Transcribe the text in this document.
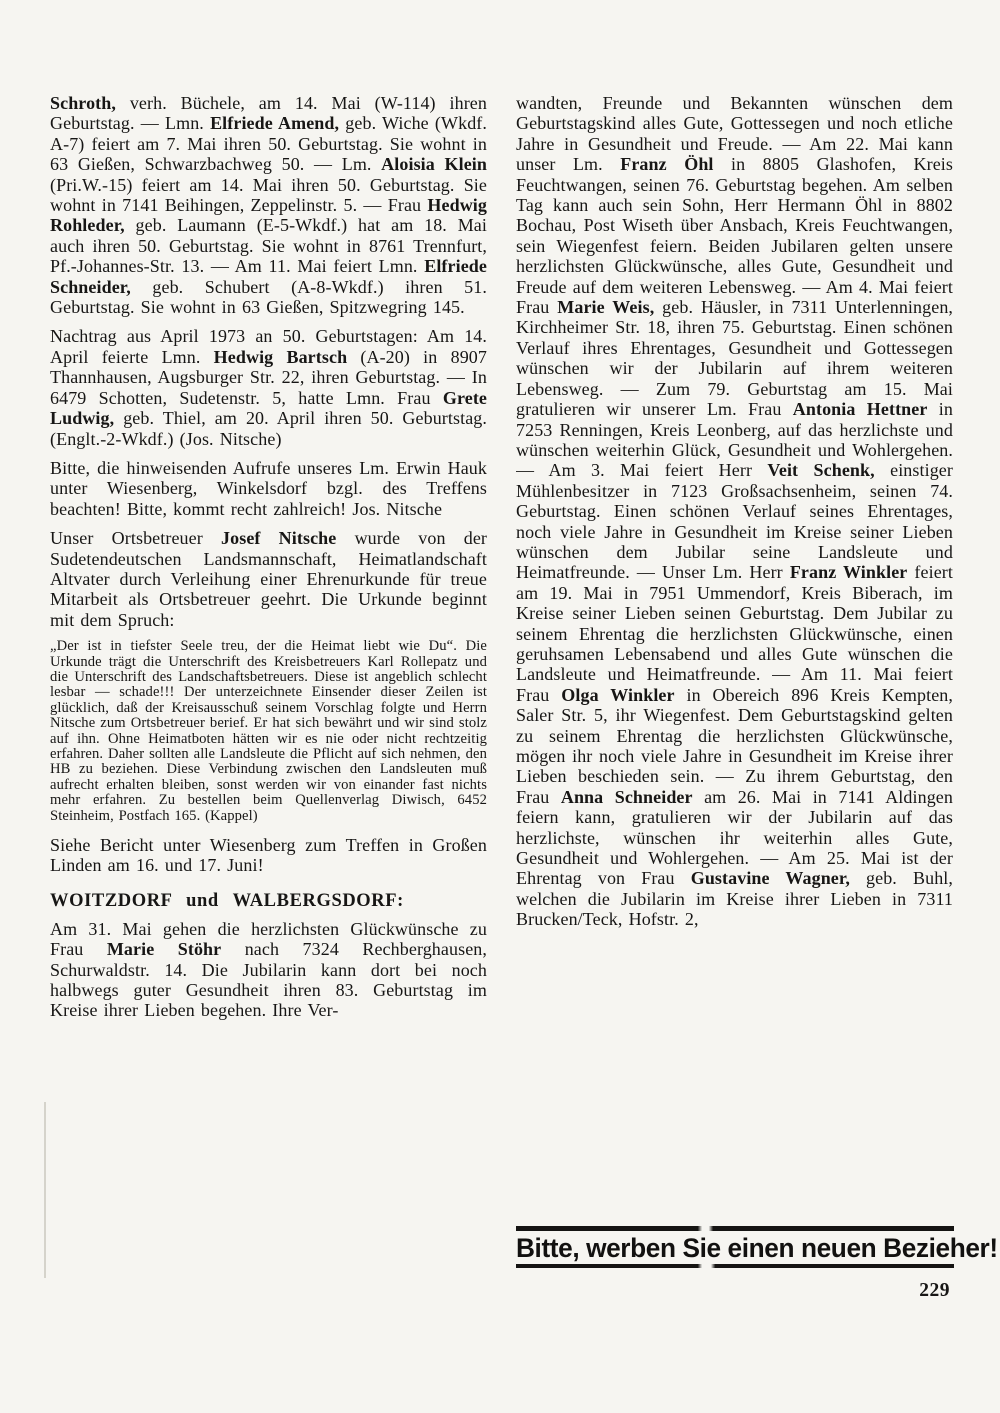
Schroth, verh. Büchele, am 14. Mai (W-114) ihren Geburtstag. — Lmn. Elfriede Amend, geb. Wiche (Wkdf. A-7) feiert am 7. Mai ihren 50. Geburtstag. Sie wohnt in 63 Gießen, Schwarzbachweg 50. — Lm. Aloisia Klein (Pri.W.-15) feiert am 14. Mai ihren 50. Geburtstag. Sie wohnt in 7141 Beihingen, Zeppelinstr. 5. — Frau Hedwig Rohleder, geb. Laumann (E-5-Wkdf.) hat am 18. Mai auch ihren 50. Geburtstag. Sie wohnt in 8761 Trennfurt, Pf.-Johannes-Str. 13. — Am 11. Mai feiert Lmn. Elfriede Schneider, geb. Schubert (A-8-Wkdf.) ihren 51. Geburtstag. Sie wohnt in 63 Gießen, Spitzwegring 145.

Nachtrag aus April 1973 an 50. Geburtstagen: Am 14. April feierte Lmn. Hedwig Bartsch (A-20) in 8907 Thannhausen, Augsburger Str. 22, ihren Geburtstag. — In 6479 Schotten, Sudetenstr. 5, hatte Lmn. Frau Grete Ludwig, geb. Thiel, am 20. April ihren 50. Geburtstag. (Englt.-2-Wkdf.) (Jos. Nitsche)

Bitte, die hinweisenden Aufrufe unseres Lm. Erwin Hauk unter Wiesenberg, Winkelsdorf bzgl. des Treffens beachten! Bitte, kommt recht zahlreich! Jos. Nitsche

Unser Ortsbetreuer Josef Nitsche wurde von der Sudetendeutschen Landsmannschaft, Heimatlandschaft Altvater durch Verleihung einer Ehrenurkunde für treue Mitarbeit als Ortsbetreuer geehrt. Die Urkunde beginnt mit dem Spruch:

„Der ist in tiefster Seele treu, der die Heimat liebt wie Du“. Die Urkunde trägt die Unterschrift des Kreisbetreuers Karl Rollepatz und die Unterschrift des Landschaftsbetreuers. Diese ist angeblich schlecht lesbar — schade!!! Der unterzeichnete Einsender dieser Zeilen ist glücklich, daß der Kreisausschuß seinem Vorschlag folgte und Herrn Nitsche zum Ortsbetreuer berief. Er hat sich bewährt und wir sind stolz auf ihn. Ohne Heimatboten hätten wir es nie oder nicht rechtzeitig erfahren. Daher sollten alle Landsleute die Pflicht auf sich nehmen, den HB zu beziehen. Diese Verbindung zwischen den Landsleuten muß aufrecht erhalten bleiben, sonst werden wir von einander fast nichts mehr erfahren. Zu bestellen beim Quellenverlag Diwisch, 6452 Steinheim, Postfach 165. (Kappel)

Siehe Bericht unter Wiesenberg zum Treffen in Großen Linden am 16. und 17. Juni!

WOITZDORF und WALBERGSDORF:

Am 31. Mai gehen die herzlichsten Glückwünsche zu Frau Marie Stöhr nach 7324 Rechberghausen, Schurwaldstr. 14. Die Jubilarin kann dort bei noch halbwegs guter Gesundheit ihren 83. Geburtstag im Kreise ihrer Lieben begehen. Ihre Ver-

wandten, Freunde und Bekannten wünschen dem Geburtstagskind alles Gute, Gottessegen und noch etliche Jahre in Gesundheit und Freude. — Am 22. Mai kann unser Lm. Franz Öhl in 8805 Glashofen, Kreis Feuchtwangen, seinen 76. Geburtstag begehen. Am selben Tag kann auch sein Sohn, Herr Hermann Öhl in 8802 Bochau, Post Wiseth über Ansbach, Kreis Feuchtwangen, sein Wiegenfest feiern. Beiden Jubilaren gelten unsere herzlichsten Glückwünsche, alles Gute, Gesundheit und Freude auf dem weiteren Lebensweg. — Am 4. Mai feiert Frau Marie Weis, geb. Häusler, in 7311 Unterlenningen, Kirchheimer Str. 18, ihren 75. Geburtstag. Einen schönen Verlauf ihres Ehrentages, Gesundheit und Gottessegen wünschen wir der Jubilarin auf ihrem weiteren Lebensweg. — Zum 79. Geburtstag am 15. Mai gratulieren wir unserer Lm. Frau Antonia Hettner in 7253 Renningen, Kreis Leonberg, auf das herzlichste und wünschen weiterhin Glück, Gesundheit und Wohlergehen. — Am 3. Mai feiert Herr Veit Schenk, einstiger Mühlenbesitzer in 7123 Großsachsenheim, seinen 74. Geburtstag. Einen schönen Verlauf seines Ehrentages, noch viele Jahre in Gesundheit im Kreise seiner Lieben wünschen dem Jubilar seine Landsleute und Heimatfreunde. — Unser Lm. Herr Franz Winkler feiert am 19. Mai in 7951 Ummendorf, Kreis Biberach, im Kreise seiner Lieben seinen Geburtstag. Dem Jubilar zu seinem Ehrentag die herzlichsten Glückwünsche, einen geruhsamen Lebensabend und alles Gute wünschen die Landsleute und Heimatfreunde. — Am 11. Mai feiert Frau Olga Winkler in Obereich 896 Kreis Kempten, Saler Str. 5, ihr Wiegenfest. Dem Geburtstagskind gelten zu seinem Ehrentag die herzlichsten Glückwünsche, mögen ihr noch viele Jahre in Gesundheit im Kreise ihrer Lieben beschieden sein. — Zu ihrem Geburtstag, den Frau Anna Schneider am 26. Mai in 7141 Aldingen feiern kann, gratulieren wir der Jubilarin auf das herzlichste, wünschen ihr weiterhin alles Gute, Gesundheit und Wohlergehen. — Am 25. Mai ist der Ehrentag von Frau Gustavine Wagner, geb. Buhl, welchen die Jubilarin im Kreise ihrer Lieben in 7311 Brucken/Teck, Hofstr. 2,

Bitte, werben Sie einen neuen Bezieher!
229
